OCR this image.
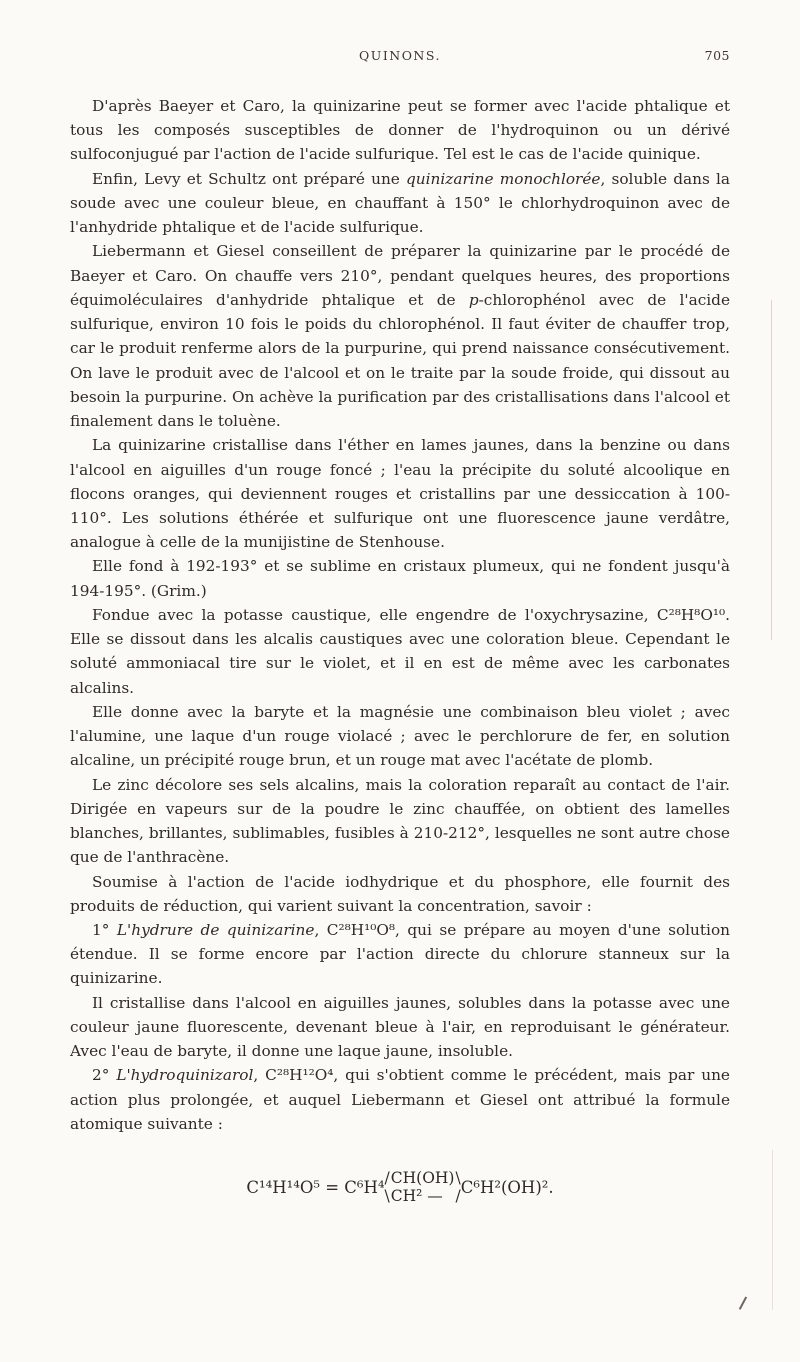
QUINONS.	705

D'après Baeyer et Caro, la quinizarine peut se former avec l'acide phtalique et tous les composés susceptibles de donner de l'hydroquinon ou un dérivé sulfoconjugué par l'action de l'acide sulfurique. Tel est le cas de l'acide quinique.

Enfin, Levy et Schultz ont préparé une quinizarine monochlorée, soluble dans la soude avec une couleur bleue, en chauffant à 150° le chlorhydroquinon avec de l'anhydride phtalique et de l'acide sulfurique.

Liebermann et Giesel conseillent de préparer la quinizarine par le procédé de Baeyer et Caro. On chauffe vers 210°, pendant quelques heures, des proportions équimoléculaires d'anhydride phtalique et de p-chlorophénol avec de l'acide sulfurique, environ 10 fois le poids du chlorophénol. Il faut éviter de chauffer trop, car le produit renferme alors de la purpurine, qui prend naissance consécutivement. On lave le produit avec de l'alcool et on le traite par la soude froide, qui dissout au besoin la purpurine. On achève la purification par des cristallisations dans l'alcool et finalement dans le toluène.

La quinizarine cristallise dans l'éther en lames jaunes, dans la benzine ou dans l'alcool en aiguilles d'un rouge foncé ; l'eau la précipite du soluté alcoolique en flocons oranges, qui deviennent rouges et cristallins par une dessiccation à 100-110°. Les solutions éthérée et sulfurique ont une fluorescence jaune verdâtre, analogue à celle de la munijistine de Stenhouse.

Elle fond à 192-193° et se sublime en cristaux plumeux, qui ne fondent jusqu'à 194-195°. (Grim.)

Fondue avec la potasse caustique, elle engendre de l'oxychrysazine, C²⁸H⁸O¹⁰. Elle se dissout dans les alcalis caustiques avec une coloration bleue. Cependant le soluté ammoniacal tire sur le violet, et il en est de même avec les carbonates alcalins.

Elle donne avec la baryte et la magnésie une combinaison bleu violet ; avec l'alumine, une laque d'un rouge violacé ; avec le perchlorure de fer, en solution alcaline, un précipité rouge brun, et un rouge mat avec l'acétate de plomb.

Le zinc décolore ses sels alcalins, mais la coloration reparaît au contact de l'air. Dirigée en vapeurs sur de la poudre le zinc chauffée, on obtient des lamelles blanches, brillantes, sublimables, fusibles à 210-212°, lesquelles ne sont autre chose que de l'anthracène.

Soumise à l'action de l'acide iodhydrique et du phosphore, elle fournit des produits de réduction, qui varient suivant la concentration, savoir :

1° L'hydrure de quinizarine, C²⁸H¹⁰O⁸, qui se prépare au moyen d'une solution étendue. Il se forme encore par l'action directe du chlorure stanneux sur la quinizarine.

Il cristallise dans l'alcool en aiguilles jaunes, solubles dans la potasse avec une couleur jaune fluorescente, devenant bleue à l'air, en reproduisant le générateur. Avec l'eau de baryte, il donne une laque jaune, insoluble.

2° L'hydroquinizarol, C²⁸H¹²O⁴, qui s'obtient comme le précédent, mais par une action plus prolongée, et auquel Liebermann et Giesel ont attribué la formule atomique suivante :

C¹⁴H¹⁴O⁵ = C⁶H⁴
/
\
CH(OH)
CH² —
\
/ C⁶H²(OH)².
